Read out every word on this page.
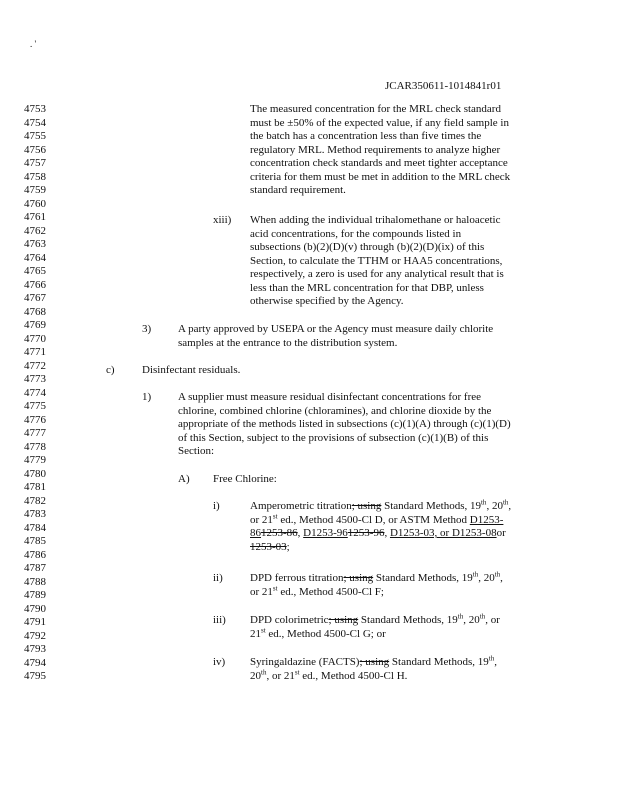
. '
JCAR350611-1014841r01
4753
4754
4755
4756
4757
4758
4759
4760
4761
4762
4763
4764
4765
4766
4767
4768
4769
4770
4771
4772
4773
4774
4775
4776
4777
4778
4779
4780
4781
4782
4783
4784
4785
4786
4787
4788
4789
4790
4791
4792
4793
4794
4795
The measured concentration for the MRL check standard
must be ±50% of the expected value, if any field sample in
the batch has a concentration less than five times the
regulatory MRL. Method requirements to analyze higher
concentration check standards and meet tighter acceptance
criteria for them must be met in addition to the MRL check
standard requirement.
xiii) When adding the individual trihalomethane or haloacetic
acid concentrations, for the compounds listed in
subsections (b)(2)(D)(v) through (b)(2)(D)(ix) of this
Section, to calculate the TTHM or HAA5 concentrations,
respectively, a zero is used for any analytical result that is
less than the MRL concentration for that DBP, unless
otherwise specified by the Agency.
3) A party approved by USEPA or the Agency must measure daily chlorite
samples at the entrance to the distribution system.
c) Disinfectant residuals.
1) A supplier must measure residual disinfectant concentrations for free
chlorine, combined chlorine (chloramines), and chlorine dioxide by the
appropriate of the methods listed in subsections (c)(1)(A) through (c)(1)(D)
of this Section, subject to the provisions of subsection (c)(1)(B) of this
Section:
A) Free Chlorine:
i)	Amperometric titration; using Standard Methods, 19th, 20th,
or 21st ed., Method 4500-Cl D, or ASTM Method D1253-
861253-86, D1253-961253-96, D1253-03, or D1253-08or
1253-03;
ii) DPD ferrous titration; using Standard Methods, 19th, 20th,
or 21st ed., Method 4500-Cl F;
iii) DPD colorimetric; using Standard Methods, 19th, 20th, or
21st ed., Method 4500-Cl G; or
iv) Syringaldazine (FACTS); using Standard Methods, 19th,
20th, or 21st ed., Method 4500-Cl H.
